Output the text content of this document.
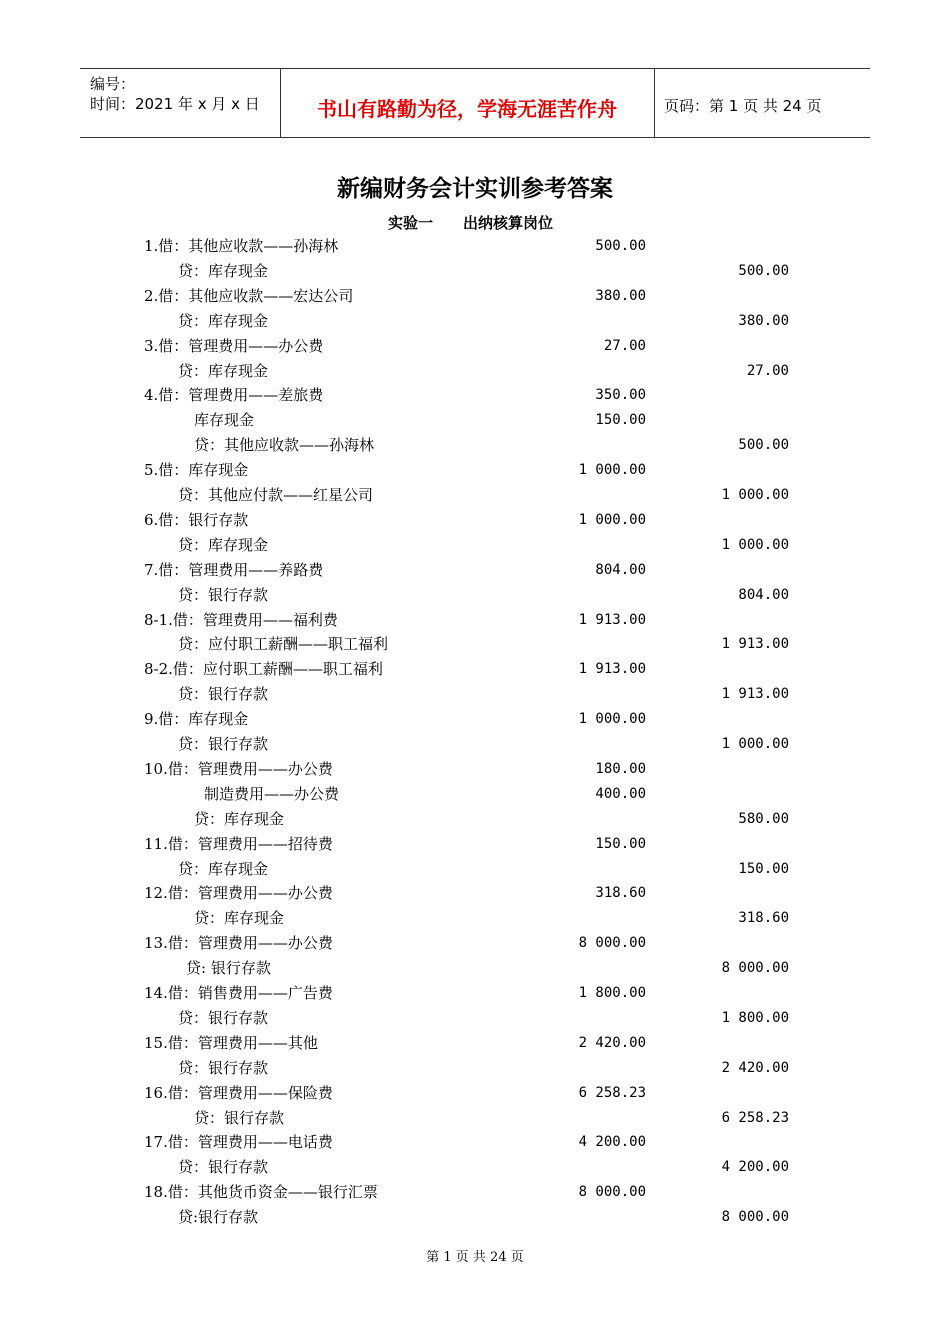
编号：
时间：2021 年 x 月 x 日	书山有路勤为径，学海无涯苦作舟	页码：第 1 页 共 24 页
新编财务会计实训参考答案
实验一　　出纳核算岗位
1.借：其他应收款——孙海林	500.00
贷：库存现金	500.00
2.借：其他应收款——宏达公司	380.00
贷：库存现金	380.00
3.借：管理费用——办公费	27.00
贷：库存现金	27.00
4.借：管理费用——差旅费	350.00
库存现金	150.00
贷：其他应收款——孙海林	500.00
5.借：库存现金	1 000.00
贷：其他应付款——红星公司	1 000.00
6.借：银行存款	1 000.00
贷：库存现金	1 000.00
7.借：管理费用——养路费	804.00
贷：银行存款	804.00
8-1.借：管理费用——福利费	1 913.00
贷：应付职工薪酬——职工福利	1 913.00
8-2.借：应付职工薪酬——职工福利	1 913.00
贷：银行存款	1 913.00
9.借：库存现金	1 000.00
贷：银行存款	1 000.00
10.借：管理费用——办公费	180.00
制造费用——办公费	400.00
贷：库存现金	580.00
11.借：管理费用——招待费	150.00
贷：库存现金	150.00
12.借：管理费用——办公费	318.60
贷：库存现金	318.60
13.借：管理费用——办公费	8 000.00
贷: 银行存款	8 000.00
14.借：销售费用——广告费	1 800.00
贷：银行存款	1 800.00
15.借：管理费用——其他	2 420.00
贷：银行存款	2 420.00
16.借：管理费用——保险费	6 258.23
贷：银行存款	6 258.23
17.借：管理费用——电话费	4 200.00
贷：银行存款	4 200.00
18.借：其他货币资金——银行汇票	8 000.00
贷:银行存款	8 000.00
第 1 页 共 24 页
